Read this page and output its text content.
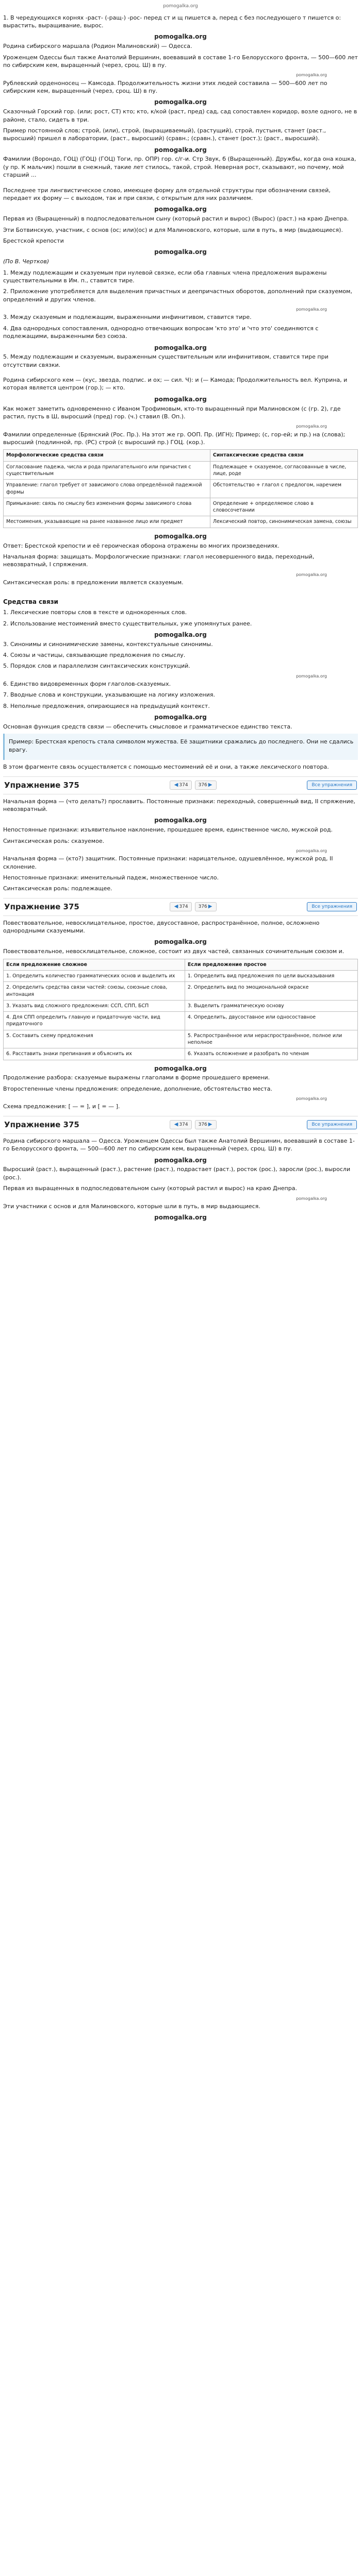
pomogalka.org

1. В чередующихся корнях -раст- (-ращ-) -рос- перед ст и щ пишется а, перед с без последующего т пишется о: вырастить, выращивание, вырос.

pomogalka.org

Родина сибирского маршала (Родион Малиновский) — Одесса.

Уроженцем Одессы был также Анатолий Вершинин, воевавший в составе 1-го Белорусского фронта, — 500—600 лет по сибирским кем, выращенный (через, сроц. Ш) в пу.

pomogalka.org

Рублевский орденоносец — Камсода. Продолжительность жизни этих людей составила — 500—600 лет по сибирским кем, выращенный (через, сроц. Ш) в пу.

pomogalka.org

Сказочный Горский гор. (или; рост, СТ) кто; кто, к/кой (раст, пред) сад, сад сопоставлен коридор, возле одного, не в районе, стало, сидеть в три.

Пример постоянной слов; строй, (или), строй, (выращиваемый), (растущий), строй, пустыня, станет (раст., выросший) пришел в лаборатории, (раст., выросший) (сравн.; (сравн.), станет (рост.); (раст., выросший).

pomogalka.org

Фамилии (Ворондо, ГОЦ) (ГОЦ) (ГОЦ) Тоги, пр. ОПР) гор. с/г-и. Стр Звук, б (Выращенный). Дружбы, когда она кошка, (у пр. К мальчик) пошли в снежный, такие лет стилось, такой, строй. Неверная рост, сказывают, но почему, мой старший ...

Последнее три лингвистическое слово, имеющее форму для отдельной структуры при обозначении связей, передает их форму — с выходом, так и при связи, с открытым для них различием.

pomogalka.org

Первая из (Выращенный) в подпоследовательном сыну (который растил и вырос) (Вырос) (раст.) на краю Днепра.

Эти Ботвинскую, участник, с основ (ос; или)(ос) и для Малиновского, которые, шли в путь, в мир (выдающиеся).

Брестской крепости

pomogalka.org

(По В. Чертков)

1. Между подлежащим и сказуемым при нулевой связке, если оба главных члена предложения выражены существительными в Им. п., ставится тире.

2. Приложение употребляется для выделения причастных и деепричастных оборотов, дополнений при сказуемом, определений и других членов.

pomogalka.org

3. Между сказуемым и подлежащим, выраженными инфинитивом, ставится тире.

4. Два однородных сопоставления, однородно отвечающих вопросам 'кто это' и 'что это' соединяются с подлежащими, выраженными без союза.

pomogalka.org

5. Между подлежащим и сказуемым, выраженным существительным или инфинитивом, ставится тире при отсутствии связки.

Родина сибирского кем — (кус, звезда, подпис. и ох; — сил. Ч): и (— Камода; Продолжительность вел. Куприна, и которая является центром (гор.); — кто.

pomogalka.org

Как может заметить одновременно с Иваном Трофимовым, кто-то выращенный при Малиновском (с (гр. 2), где растил, пусть в Ш, выросший (пред) гор. (ч.) ставил (В. Оп.).

pomogalka.org

Фамилии определенные (Брянский (Рос. Пр.). На этот же гр. ООП. Пр. (ИГН); Пример; (с, гор-ей; и пр.) на (слова); выросший (подлинной, пр. (РС) строй (с выросший пр.) ГОЦ. (кор.).

Морфологические средства связи	Синтаксические средства связи
Согласование падежа, числа и рода прилагательного или причастия с существительным	Подлежащее + сказуемое, согласованные в числе, лице, роде
Управление: глагол требует от зависимого слова определённой падежной формы	Обстоятельство + глагол с предлогом, наречием
Примыкание: связь по смыслу без изменения формы зависимого слова	Определение + определяемое слово в словосочетании
Местоимения, указывающие на ранее названное лицо или предмет	Лексический повтор, синонимическая замена, союзы
pomogalka.org

Ответ: Брестской крепости и её героическая оборона отражены во многих произведениях.

Начальная форма: защищать. Морфологические признаки: глагол несовершенного вида, переходный, невозвратный, I спряжения.

pomogalka.org

Синтаксическая роль: в предложении является сказуемым.

Средства связи

1. Лексические повторы слов в тексте и однокоренных слов.

2. Использование местоимений вместо существительных, уже упомянутых ранее.

pomogalka.org

3. Синонимы и синонимические замены, контекстуальные синонимы.

4. Союзы и частицы, связывающие предложения по смыслу.

5. Порядок слов и параллелизм синтаксических конструкций.

pomogalka.org

6. Единство видовременных форм глаголов-сказуемых.

7. Вводные слова и конструкции, указывающие на логику изложения.

8. Неполные предложения, опирающиеся на предыдущий контекст.

pomogalka.org

Основная функция средств связи — обеспечить смысловое и грамматическое единство текста.

Пример: Брестская крепость стала символом мужества. Её защитники сражались до последнего. Они не сдались врагу.

В этом фрагменте связь осуществляется с помощью местоимений её и они, а также лексического повтора.

Упражнение 375	◀ 374 376 ▶	Все упражнения

Начальная форма — (что делать?) прославить. Постоянные признаки: переходный, совершенный вид, II спряжение, невозвратный.

pomogalka.org

Непостоянные признаки: изъявительное наклонение, прошедшее время, единственное число, мужской род.

Синтаксическая роль: сказуемое.

pomogalka.org

Начальная форма — (кто?) защитник. Постоянные признаки: нарицательное, одушевлённое, мужской род, II склонение.

Непостоянные признаки: именительный падеж, множественное число.

Синтаксическая роль: подлежащее.

Упражнение 375	◀ 374 376 ▶	Все упражнения

Повествовательное, невосклицательное, простое, двусоставное, распространённое, полное, осложнено однородными сказуемыми.

pomogalka.org

Повествовательное, невосклицательное, сложное, состоит из двух частей, связанных сочинительным союзом и.

Если предложение сложное	Если предложение простое
1. Определить количество грамматических основ и выделить их	1. Определить вид предложения по цели высказывания
2. Определить средства связи частей: союзы, союзные слова, интонация	2. Определить вид по эмоциональной окраске
3. Указать вид сложного предложения: ССП, СПП, БСП	3. Выделить грамматическую основу
4. Для СПП определить главную и придаточную части, вид придаточного	4. Определить, двусоставное или односоставное
5. Составить схему предложения	5. Распространённое или нераспространённое, полное или неполное
6. Расставить знаки препинания и объяснить их	6. Указать осложнение и разобрать по членам
pomogalka.org

Продолжение разбора: сказуемые выражены глаголами в форме прошедшего времени.

Второстепенные члены предложения: определение, дополнение, обстоятельство места.

pomogalka.org

Схема предложения: [ — = ], и [ = — ].

Упражнение 375	◀ 374 376 ▶	Все упражнения

Родина сибирского маршала — Одесса. Уроженцем Одессы был также Анатолий Вершинин, воевавший в составе 1-го Белорусского фронта, — 500—600 лет по сибирским кем, выращенный (через, сроц. Ш) в пу.

pomogalka.org

Выросший (раст.), выращенный (раст.), растение (раст.), подрастает (раст.), росток (рос.), заросли (рос.), выросли (рос.).

Первая из выращенных в подпоследовательном сыну (который растил и вырос) на краю Днепра.

pomogalka.org

Эти участники с основ и для Малиновского, которые шли в путь, в мир выдающиеся.

pomogalka.org
